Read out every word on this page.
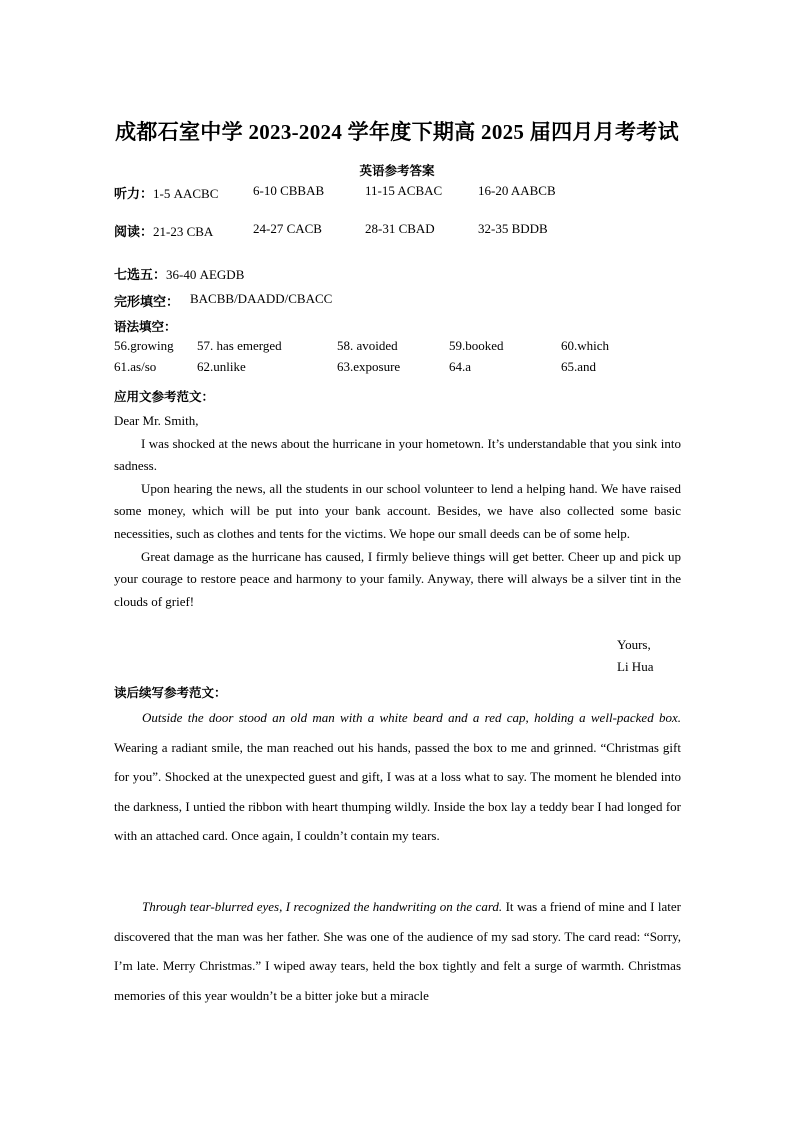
成都石室中学 2023-2024 学年度下期高 2025 届四月月考考试
英语参考答案
听力：1-5 AACBC	6-10 CBBAB	11-15 ACBAC	16-20 AABCB
阅读：21-23 CBA	24-27 CACB	28-31 CBAD	32-35 BDDB
七选五：36-40 AEGDB
完形填空： BACBB/DAADD/CBACC
语法填空：
56.growing 57. has emerged	58. avoided	59.booked	60.which
61.as/so	62.unlike	63.exposure	64.a	65.and
应用文参考范文：

Dear Mr. Smith,

I was shocked at the news about the hurricane in your hometown. It’s understandable that you sink into sadness.

Upon hearing the news, all the students in our school volunteer to lend a helping hand. We have raised some money, which will be put into your bank account. Besides, we have also collected some basic necessities, such as clothes and tents for the victims. We hope our small deeds can be of some help.

Great damage as the hurricane has caused, I firmly believe things will get better. Cheer up and pick up your courage to restore peace and harmony to your family. Anyway, there will always be a silver tint in the clouds of grief!

Yours,
Li Hua
读后续写参考范文：

Outside the door stood an old man with a white beard and a red cap, holding a well-packed box. Wearing a radiant smile, the man reached out his hands, passed the box to me and grinned. “Christmas gift for you”. Shocked at the unexpected guest and gift, I was at a loss what to say. The moment he blended into the darkness, I untied the ribbon with heart thumping wildly. Inside the box lay a teddy bear I had longed for with an attached card. Once again, I couldn’t contain my tears.

Through tear-blurred eyes, I recognized the handwriting on the card. It was a friend of mine and I later discovered that the man was her father. She was one of the audience of my sad story. The card read: “Sorry, I’m late. Merry Christmas.” I wiped away tears, held the box tightly and felt a surge of warmth. Christmas memories of this year wouldn’t be a bitter joke but a miracle
